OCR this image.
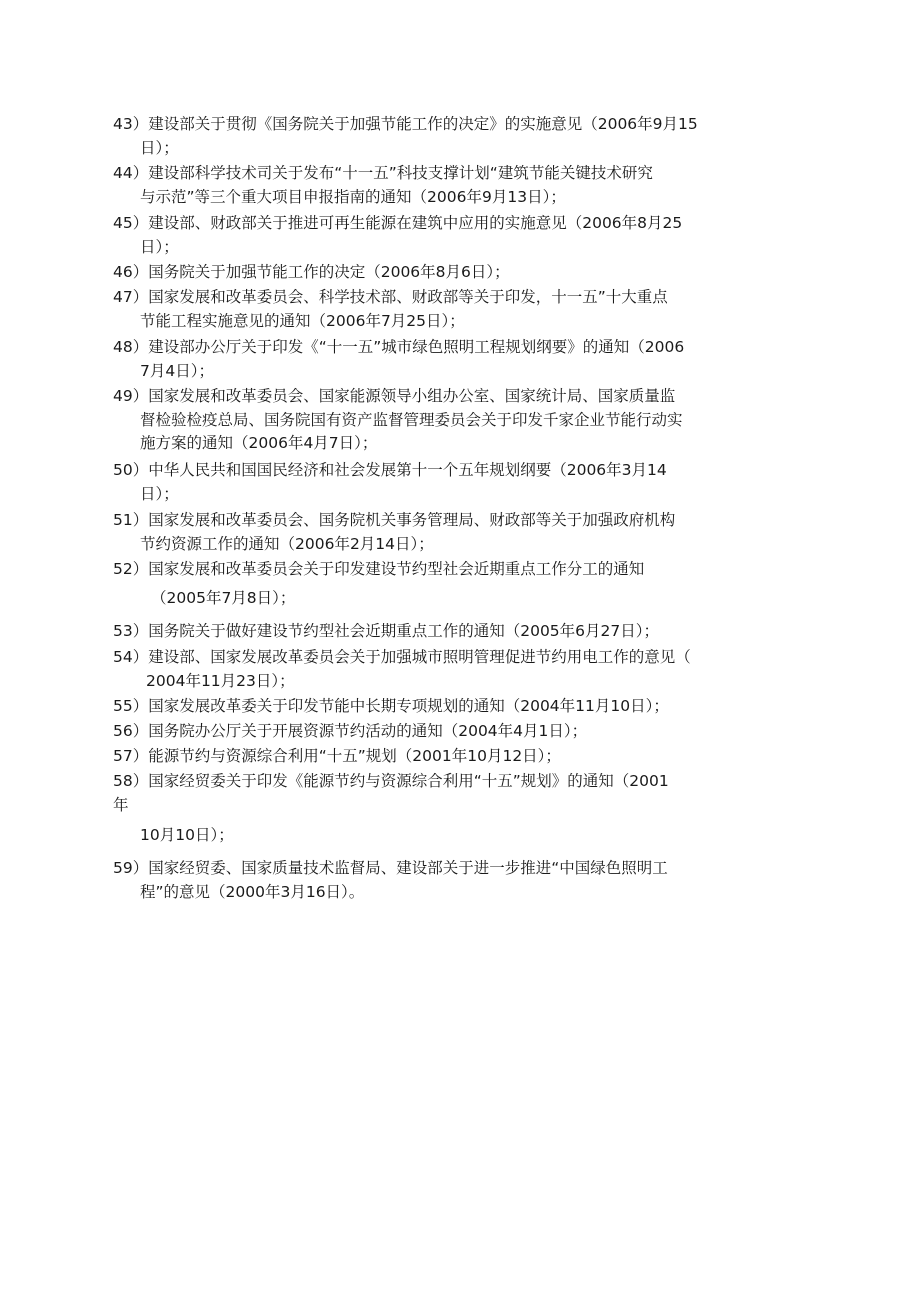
43）建设部关于贯彻《国务院关于加强节能工作的决定》的实施意见（2006年9月15
日）；
44）建设部科学技术司关于发布“十一五”科技支撑计划“建筑节能关键技术研究
与示范”等三个重大项目申报指南的通知（2006年9月13日）；
45）建设部、财政部关于推进可再生能源在建筑中应用的实施意见（2006年8月25
日）；
46）国务院关于加强节能工作的决定（2006年8月6日）；
47）国家发展和改革委员会、科学技术部、财政部等关于印发，十一五”十大重点
节能工程实施意见的通知（2006年7月25日）；
48）建设部办公厅关于印发《“十一五”城市绿色照明工程规划纲要》的通知（2006
7月4日）；
49）国家发展和改革委员会、国家能源领导小组办公室、国家统计局、国家质量监
督检验检疫总局、国务院国有资产监督管理委员会关于印发千家企业节能行动实
施方案的通知（2006年4月7日）；
50）中华人民共和国国民经济和社会发展第十一个五年规划纲要（2006年3月14
日）；
51）国家发展和改革委员会、国务院机关事务管理局、财政部等关于加强政府机构
节约资源工作的通知（2006年2月14日）；
52）国家发展和改革委员会关于印发建设节约型社会近期重点工作分工的通知
（2005年7月8日）；
53）国务院关于做好建设节约型社会近期重点工作的通知（2005年6月27日）；
54）建设部、国家发展改革委员会关于加强城市照明管理促进节约用电工作的意见（
2004年11月23日）；
55）国家发展改革委关于印发节能中长期专项规划的通知（2004年11月10日）；
56）国务院办公厅关于开展资源节约活动的通知（2004年4月1日）；
57）能源节约与资源综合利用“十五”规划（2001年10月12日）；
58）国家经贸委关于印发《能源节约与资源综合利用“十五”规划》的通知（2001
年
10月10日）；
59）国家经贸委、国家质量技术监督局、建设部关于进一步推进“中国绿色照明工
程”的意见（2000年3月16日）。
